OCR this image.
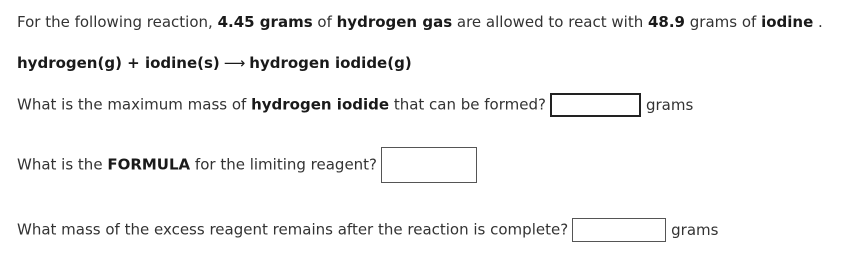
For the following reaction, 4.45 grams of hydrogen gas are allowed to react with 48.9 grams of iodine .
hydrogen(g) + iodine(s) ⟶ hydrogen iodide(g)
What is the maximum mass of hydrogen iodide that can be formed?	grams
What is the FORMULA for the limiting reagent?
What mass of the excess reagent remains after the reaction is complete?	grams
